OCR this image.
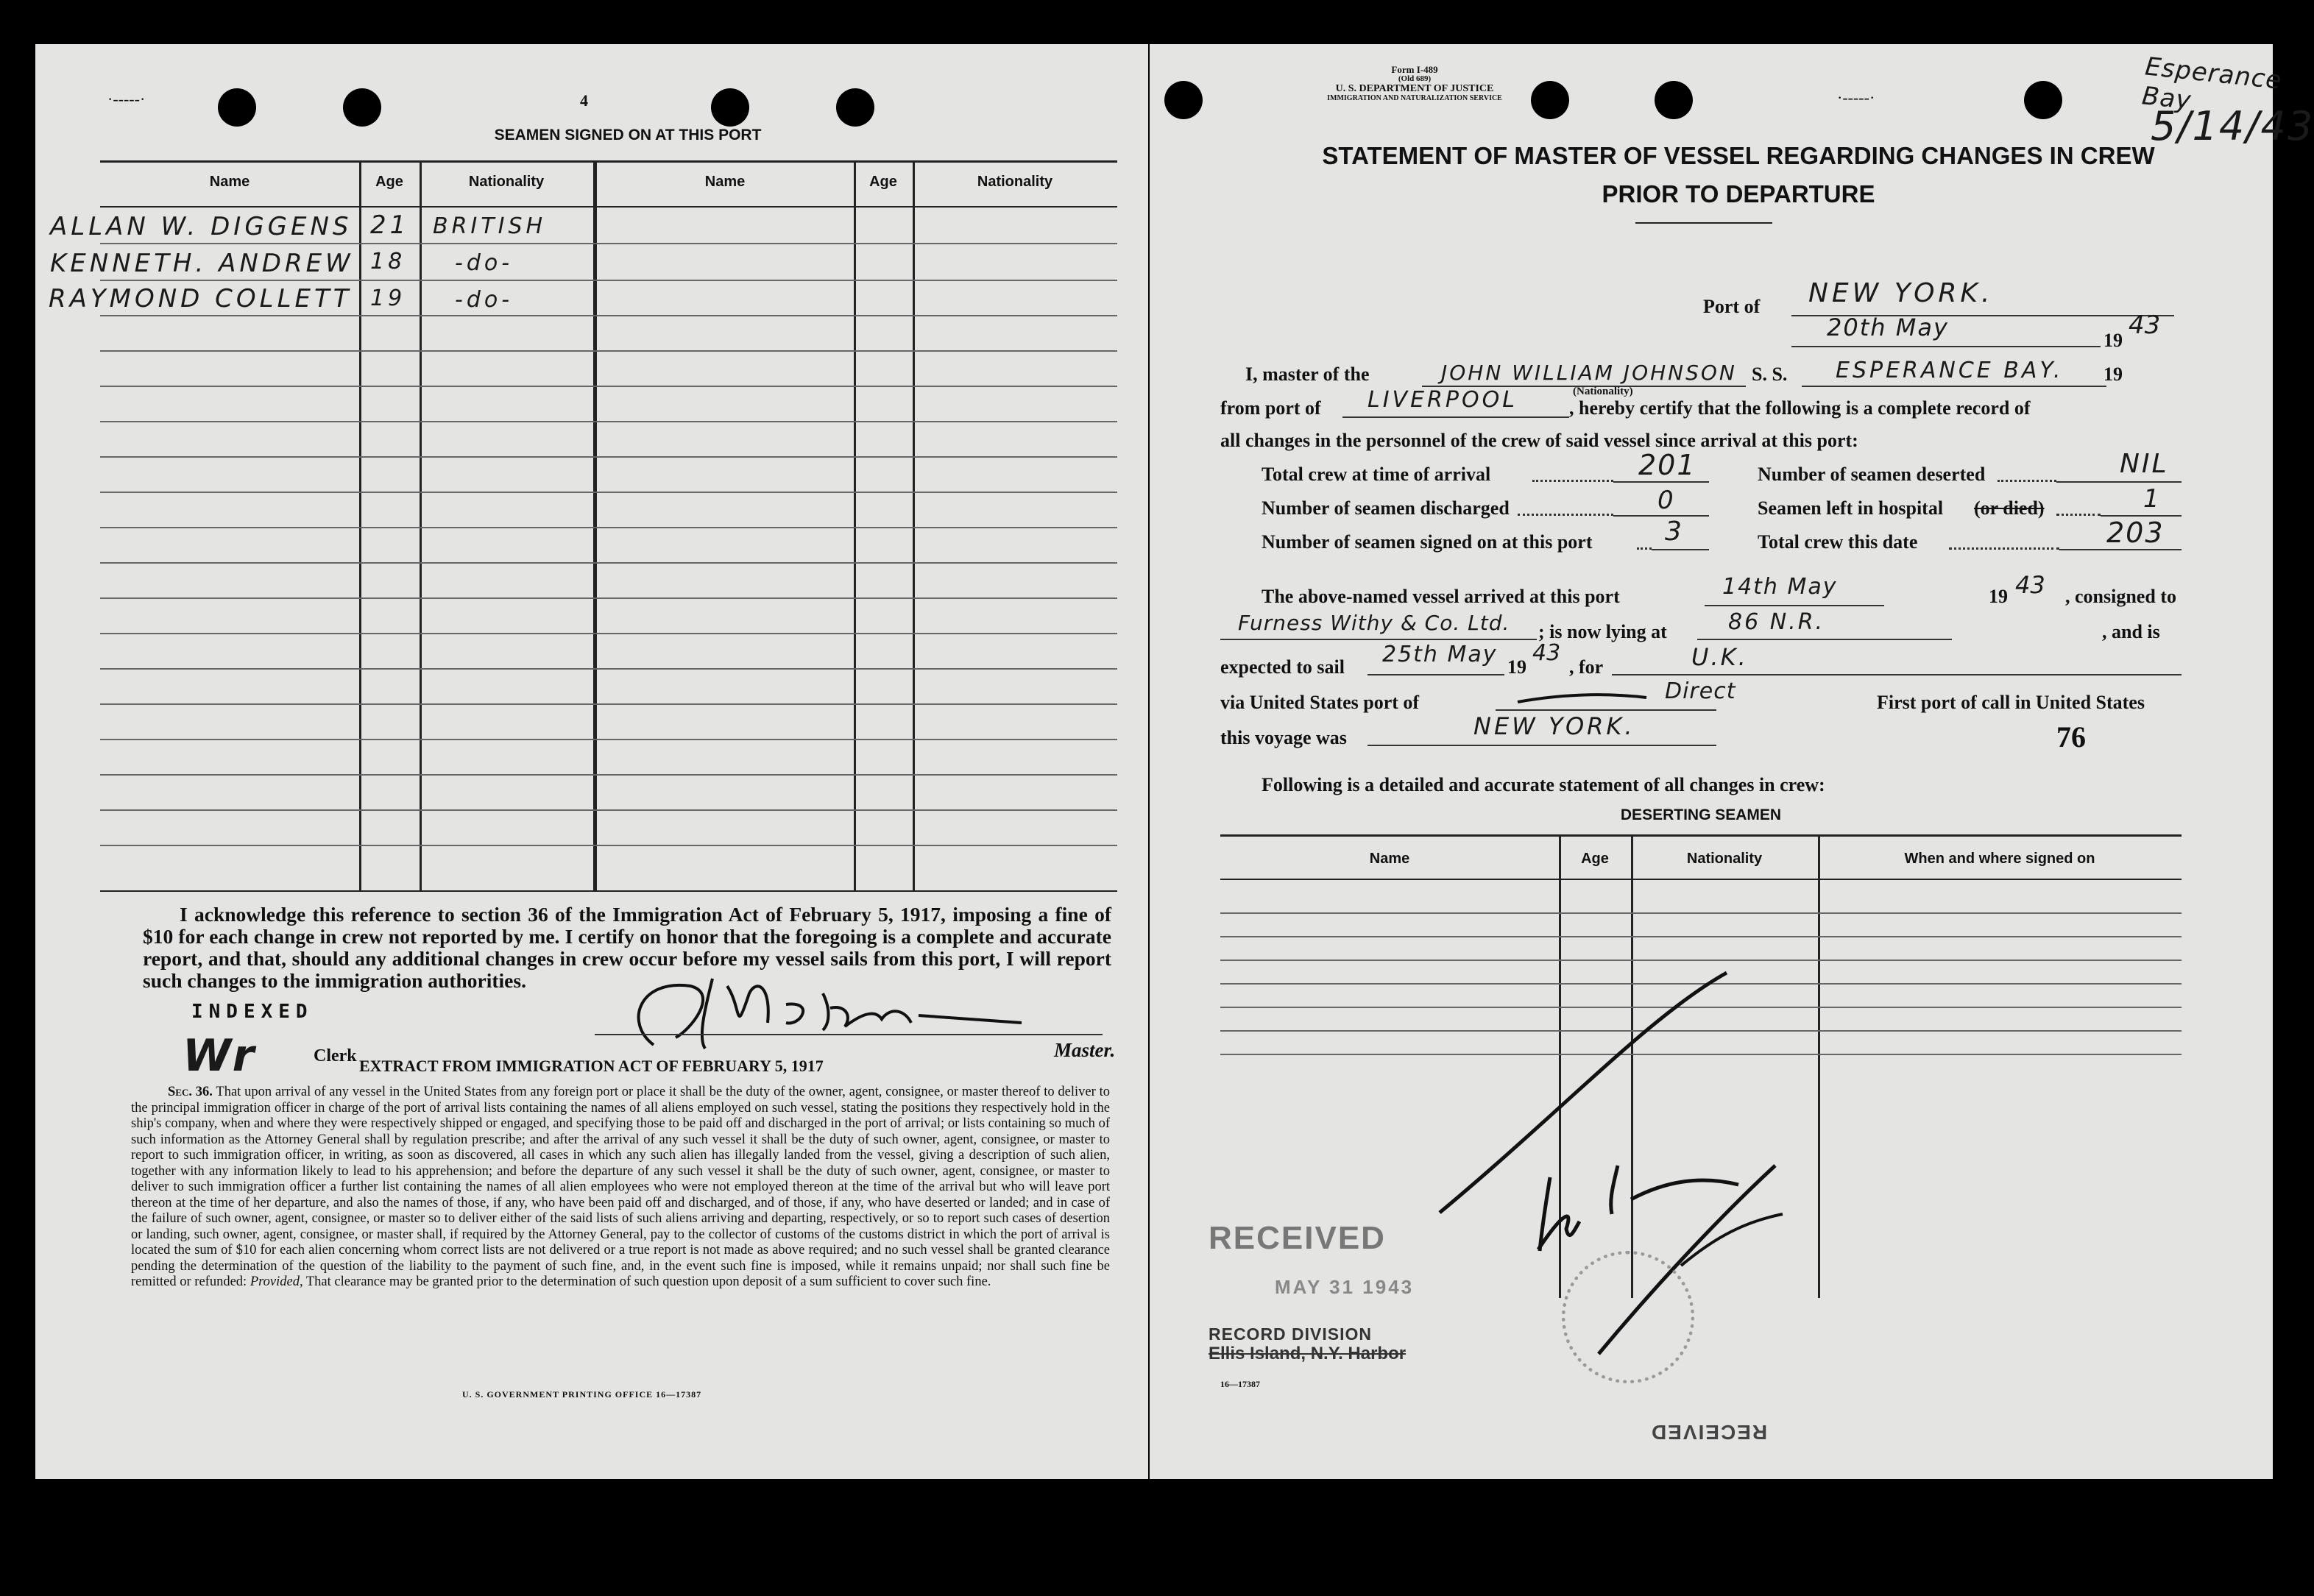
·-----·	4
SEAMEN SIGNED ON AT THIS PORT
Name	Age	Nationality	Name	Age	Nationality
ALLAN W. DIGGENS 21 BRITISH
KENNETH. ANDREW 18 -do-
RAYMOND COLLETT 19 -do-
I acknowledge this reference to section 36 of the Immigration Act of February 5, 1917, imposing a fine of $10 for each change in crew not reported by me. I certify on honor that the foregoing is a complete and accurate report, and that, should any additional changes in crew occur before my vessel sails from this port, I will report such changes to the immigration authorities.
INDEXED
Wr	Clerk	Master.
EXTRACT FROM IMMIGRATION ACT OF FEBRUARY 5, 1917
Sec. 36. That upon arrival of any vessel in the United States from any foreign port or place it shall be the duty of the owner, agent, consignee, or master thereof to deliver to the principal immigration officer in charge of the port of arrival lists containing the names of all aliens employed on such vessel, stating the positions they respectively hold in the ship's company, when and where they were respectively shipped or engaged, and specifying those to be paid off and discharged in the port of arrival; or lists containing so much of such information as the Attorney General shall by regulation prescribe; and after the arrival of any such vessel it shall be the duty of such owner, agent, consignee, or master to report to such immigration officer, in writing, as soon as discovered, all cases in which any such alien has illegally landed from the vessel, giving a description of such alien, together with any information likely to lead to his apprehension; and before the departure of any such vessel it shall be the duty of such owner, agent, consignee, or master to deliver to such immigration officer a further list containing the names of all alien employees who were not employed thereon at the time of the arrival but who will leave port thereon at the time of her departure, and also the names of those, if any, who have been paid off and discharged, and of those, if any, who have deserted or landed; and in case of the failure of such owner, agent, consignee, or master so to deliver either of the said lists of such aliens arriving and departing, respectively, or so to report such cases of desertion or landing, such owner, agent, consignee, or master shall, if required by the Attorney General, pay to the collector of customs of the customs district in which the port of arrival is located the sum of $10 for each alien concerning whom correct lists are not delivered or a true report is not made as above required; and no such vessel shall be granted clearance pending the determination of the question of the liability to the payment of such fine, and, in the event such fine is imposed, while it remains unpaid; nor shall such fine be remitted or refunded: Provided, That clearance may be granted prior to the determination of such question upon deposit of a sum sufficient to cover such fine.
U. S. GOVERNMENT PRINTING OFFICE 16—17387
·-----·
Form I-489
(Old 689)
U. S. DEPARTMENT OF JUSTICE
IMMIGRATION AND NATURALIZATION SERVICE
Esperance Bay
5/14/43
STATEMENT OF MASTER OF VESSEL REGARDING CHANGES IN CREW
PRIOR TO DEPARTURE
Port of NEW YORK.
20th May	19
43
I, master of the	JOHN WILLIAM JOHNSON
(Nationality)
S. S. ESPERANCE BAY. 19
from port of LIVERPOOL	, hereby certify that the following is a complete record of
all changes in the personnel of the crew of said vessel since arrival at this port:
Total crew at time of arrival	201	Number of seamen deserted	NIL
Number of seamen discharged	0	Seamen left in hospital (or died)	1
Number of seamen signed on at this port	3	Total crew this date	203
The above-named vessel arrived at this port	14th May	19 43 , consigned to
Furness Withy & Co. Ltd. ; is now lying at	86 N.R.	, and is
expected to sail 25th May 19
43
, for	U.K.
via United States port of	Direct	First port of call in United States
this voyage was	NEW YORK.	76
Following is a detailed and accurate statement of all changes in crew:
DESERTING SEAMEN
Name	Age	Nationality	When and where signed on
RECEIVED
MAY 31 1943
RECORD DIVISION
Ellis Island, N.Y. Harbor
RECEIVED
16—17387
